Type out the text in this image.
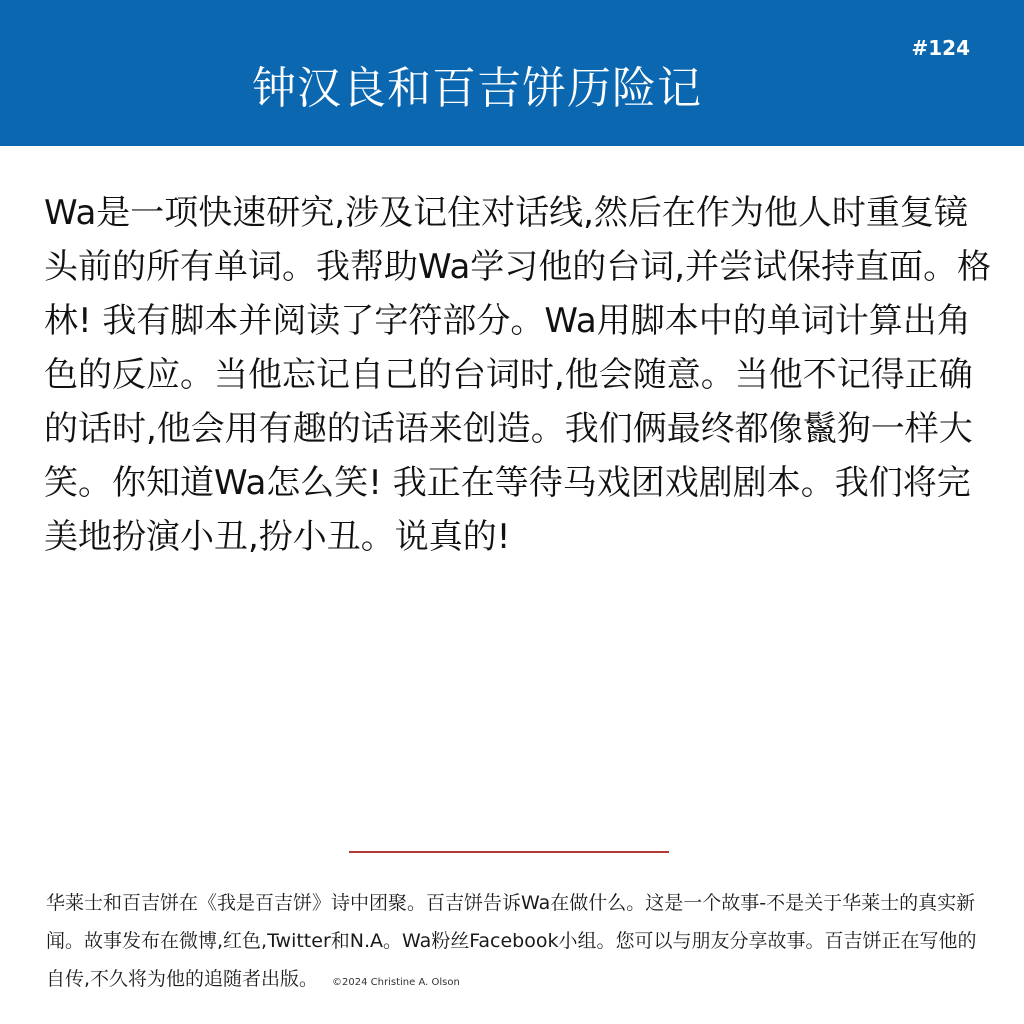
钟汉良和百吉饼历险记
#124

Wa是一项快速研究,涉及记住对话线,然后在作为他人时重复镜头前的所有单词。我帮助Wa学习他的台词,并尝试保持直面。格林! 我有脚本并阅读了字符部分。Wa用脚本中的单词计算出角色的反应。当他忘记自己的台词时,他会随意。当他不记得正确的话时,他会用有趣的话语来创造。我们俩最终都像鬣狗一样大笑。你知道Wa怎么笑! 我正在等待马戏团戏剧剧本。我们将完美地扮演小丑,扮小丑。说真的!

华莱士和百吉饼在《我是百吉饼》诗中团聚。百吉饼告诉Wa在做什么。这是一个故事-不是关于华莱士的真实新闻。故事发布在微博,红色,Twitter和N.A。Wa粉丝Facebook小组。您可以与朋友分享故事。百吉饼正在写他的自传,不久将为他的追随者出版。 ©2024 Christine A. Olson
